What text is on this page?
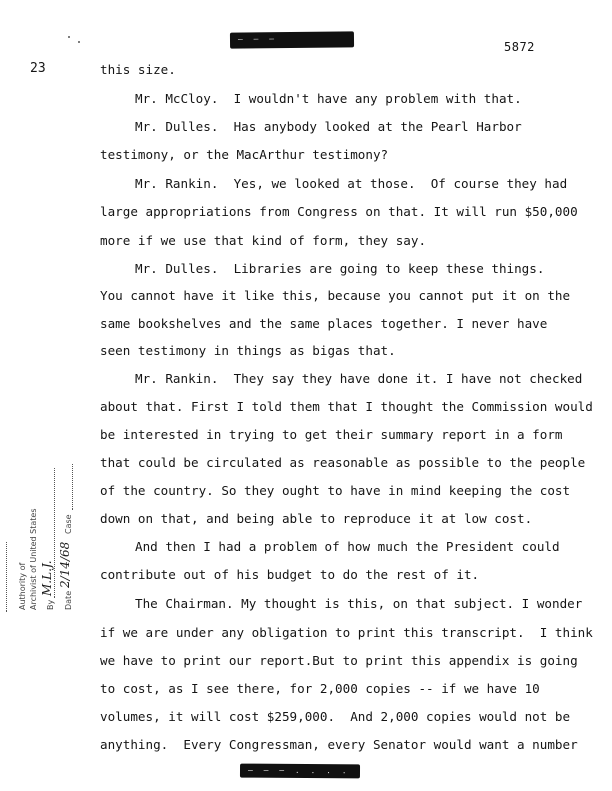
— — —
— — — . . . .
5872
23	this size.
Mr. McCloy.  I wouldn't have any problem with that.
Mr. Dulles.  Has anybody looked at the Pearl Harbor
testimony, or the MacArthur testimony?
Mr. Rankin.  Yes, we looked at those.  Of course they had
large appropriations from Congress on that. It will run $50,000
more if we use that kind of form, they say.
Mr. Dulles.  Libraries are going to keep these things.
You cannot have it like this, because you cannot put it on the
same bookshelves and the same places together. I never have
seen testimony in things as bigas that.
Mr. Rankin.  They say they have done it. I have not checked
about that. First I told them that I thought the Commission would
be interested in trying to get their summary report in a form
that could be circulated as reasonable as possible to the people
of the country. So they ought to have in mind keeping the cost
down on that, and being able to reproduce it at low cost.
And then I had a problem of how much the President could
contribute out of his budget to do the rest of it.
The Chairman. My thought is this, on that subject. I wonder
if we are under any obligation to print this transcript.  I think
we have to print our report.But to print this appendix is going
to cost, as I see there, for 2,000 copies -- if we have 10
volumes, it will cost $259,000.  And 2,000 copies would not be
anything.  Every Congressman, every Senator would want a number
Authority of Archivist of United States By
M.L.J.
Date
2/14/68
Case
